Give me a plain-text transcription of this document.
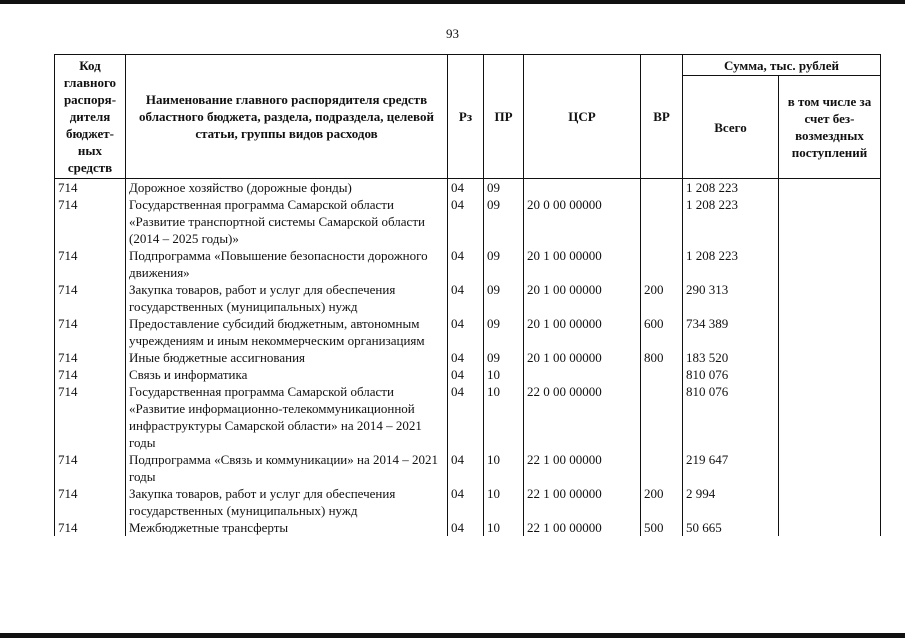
93
Код главного распоря-дителя бюджет-ных средств	Наименование главного распорядителя средств областного бюджета, раздела, подраздела, целевой статьи, группы видов расходов	Рз	ПР	ЦСР	ВР	Сумма, тыс. рублей	
						Всего	в том числе за счет без-возмездных поступлений
714	Дорожное хозяйство (дорожные фонды)	04	09			1 208 223	
714	Государственная программа Самарской области «Развитие транспортной системы Самарской области (2014 – 2025 годы)»	04	09	20 0 00 00000		1 208 223	
714	Подпрограмма «Повышение безопасности дорожного движения»	04	09	20 1 00 00000		1 208 223	
714	Закупка товаров, работ и услуг для обеспечения государственных (муниципальных) нужд	04	09	20 1 00 00000	200	290 313	
714	Предоставление субсидий бюджетным, автономным учреждениям и иным некоммерческим организациям	04	09	20 1 00 00000	600	734 389	
714	Иные бюджетные ассигнования	04	09	20 1 00 00000	800	183 520	
714	Связь и информатика	04	10			810 076	
714	Государственная программа Самарской области «Развитие информационно-телекоммуникационной инфраструктуры Самарской области» на 2014 – 2021 годы	04	10	22 0 00 00000		810 076	
714	Подпрограмма «Связь и коммуникации» на 2014 – 2021 годы	04	10	22 1 00 00000		219 647	
714	Закупка товаров, работ и услуг для обеспечения государственных (муниципальных) нужд	04	10	22 1 00 00000	200	2 994	
714	Межбюджетные трансферты	04	10	22 1 00 00000	500	50 665	
